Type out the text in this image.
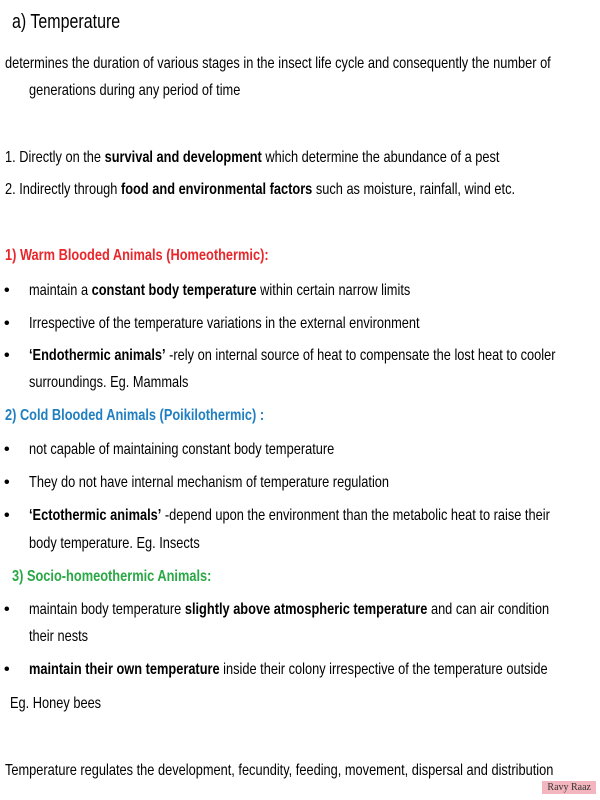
a) Temperature
determines the duration of various stages in the insect life cycle and consequently the number of
generations during any period of time
1. Directly on the survival and development which determine the abundance of a pest
2. Indirectly through food and environmental factors such as moisture, rainfall, wind etc.
1) Warm Blooded Animals (Homeothermic):
• maintain a constant body temperature within certain narrow limits
• Irrespective of the temperature variations in the external environment
• ‘Endothermic animals’ -rely on internal source of heat to compensate the lost heat to cooler
surroundings. Eg. Mammals
2) Cold Blooded Animals (Poikilothermic) :
• not capable of maintaining constant body temperature
• They do not have internal mechanism of temperature regulation
• ‘Ectothermic animals’ -depend upon the environment than the metabolic heat to raise their
body temperature. Eg. Insects
3) Socio-homeothermic Animals:
• maintain body temperature slightly above atmospheric temperature and can air condition
their nests
• maintain their own temperature inside their colony irrespective of the temperature outside
Eg. Honey bees
Temperature regulates the development, fecundity, feeding, movement, dispersal and distribution
Ravy Raaz
